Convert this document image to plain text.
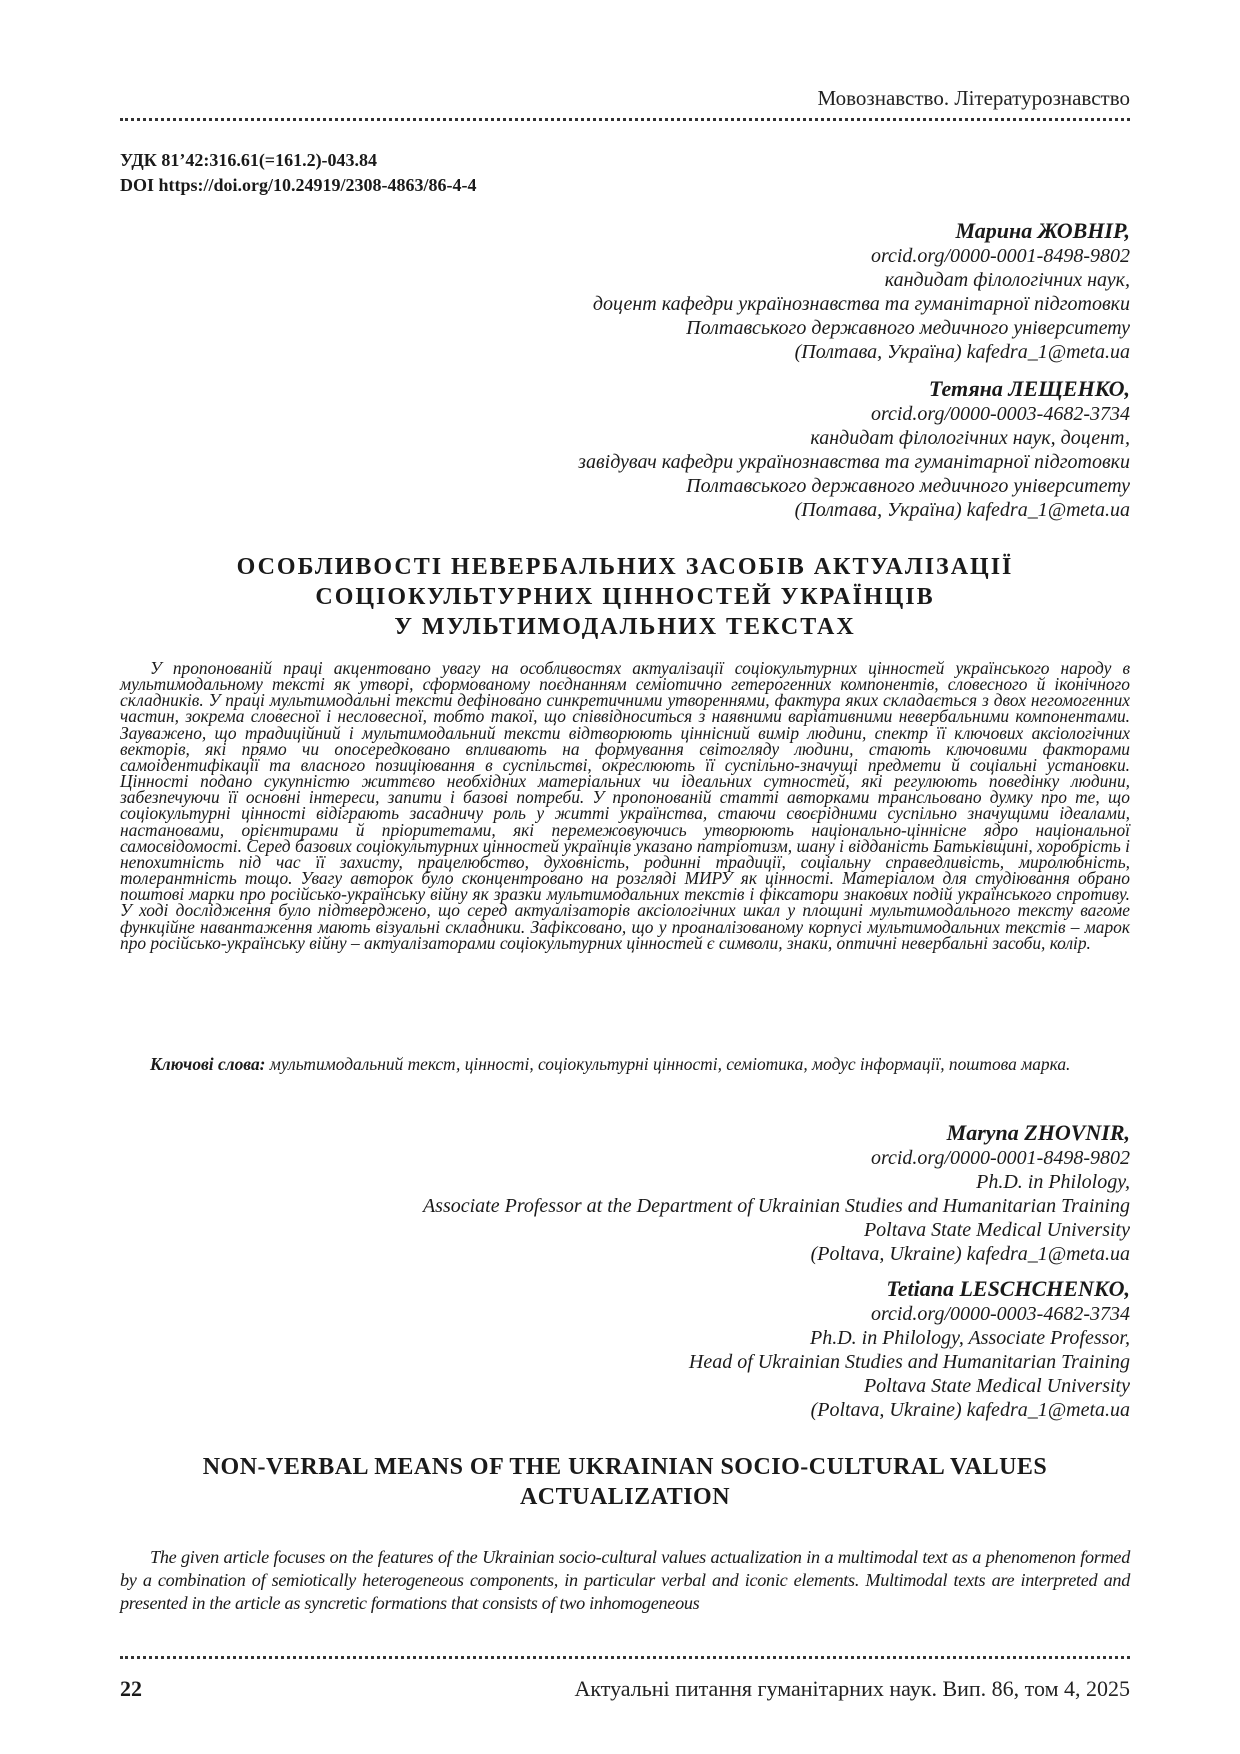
Мовознавство. Літературознавство
УДК 81’42:316.61(=161.2)-043.84
DOI https://doi.org/10.24919/2308-4863/86-4-4
Марина ЖОВНІР,
orcid.org/0000-0001-8498-9802
кандидат філологічних наук,
доцент кафедри українознавства та гуманітарної підготовки
Полтавського державного медичного університету
(Полтава, Україна) kafedra_1@meta.ua
Тетяна ЛЕЩЕНКО,
orcid.org/0000-0003-4682-3734
кандидат філологічних наук, доцент,
завідувач кафедри українознавства та гуманітарної підготовки
Полтавського державного медичного університету
(Полтава, Україна) kafedra_1@meta.ua
ОСОБЛИВОСТІ НЕВЕРБАЛЬНИХ ЗАСОБІВ АКТУАЛІЗАЦІЇ
СОЦІОКУЛЬТУРНИХ ЦІННОСТЕЙ УКРАЇНЦІВ
У МУЛЬТИМОДАЛЬНИХ ТЕКСТАХ

У пропонованій праці акцентовано увагу на особливостях актуалізації соціокультурних цінностей українського народу в мультимодальному тексті як утворі, сформованому поєднанням семіотично гетерогенних компонентів, словесного й іконічного складників. У праці мультимодальні тексти дефіновано синкретичними утвореннями, фактура яких складається з двох негомогенних частин, зокрема словесної і несловесної, тобто такої, що співвідноситься з наявними варіативними невербальними компонентами. Зауважено, що традиційний і мультимодальний тексти відтворюють ціннісний вимір людини, спектр її ключових аксіологічних векторів, які прямо чи опосередковано впливають на формування світогляду людини, стають ключовими факторами самоідентифікації та власного позиціювання в суспільстві, окреслюють її суспільно-значущі предмети й соціальні установки. Цінності подано сукупністю життєво необхідних матеріальних чи ідеальних сутностей, які регулюють поведінку людини, забезпечуючи її основні інтереси, запити і базові потреби. У пропонованій статті авторками трансльовано думку про те, що соціокультурні цінності відіграють засадничу роль у житті українства, стаючи своєрідними суспільно значущими ідеалами, настановами, орієнтирами й пріоритетами, які перемежовуючись утворюють національно-ціннісне ядро національної самосвідомості. Серед базових соціокультурних цінностей українців указано патріотизм, шану і відданість Батьківщині, хоробрість і непохитність під час її захисту, працелюбство, духовність, родинні традиції, соціальну справедливість, миролюбність, толерантність тощо. Увагу авторок було сконцентровано на розгляді МИРУ як цінності. Матеріалом для студіювання обрано поштові марки про російсько-українську війну як зразки мультимодальних текстів і фіксатори знакових подій українського спротиву. У ході дослідження було підтверджено, що серед актуалізаторів аксіологічних шкал у площині мультимодального тексту вагоме функційне навантаження мають візуальні складники. Зафіксовано, що у проаналізованому корпусі мультимодальних текстів – марок про російсько-українську війну – актуалізаторами соціокультурних цінностей є символи, знаки, оптичні невербальні засоби, колір.

Ключові слова: мультимодальний текст, цінності, соціокультурні цінності, семіотика, модус інформації, поштова марка.
Maryna ZHOVNIR,
orcid.org/0000-0001-8498-9802
Ph.D. in Philology,
Associate Professor at the Department of Ukrainian Studies and Humanitarian Training
Poltava State Medical University
(Poltava, Ukraine) kafedra_1@meta.ua
Tetiana LESCHCHENKO,
orcid.org/0000-0003-4682-3734
Ph.D. in Philology, Associate Professor,
Head of Ukrainian Studies and Humanitarian Training
Poltava State Medical University
(Poltava, Ukraine) kafedra_1@meta.ua
NON-VERBAL MEANS OF THE UKRAINIAN SOCIO-CULTURAL VALUES
ACTUALIZATION
The given article focuses on the features of the Ukrainian socio-cultural values actualization in a multimodal text as a phenomenon formed by a combination of semiotically heterogeneous components, in particular verbal and iconic elements. Multimodal texts are interpreted and presented in the article as syncretic formations that consists of two inhomogeneous
22	Актуальні питання гуманітарних наук. Вип. 86, том 4, 2025
